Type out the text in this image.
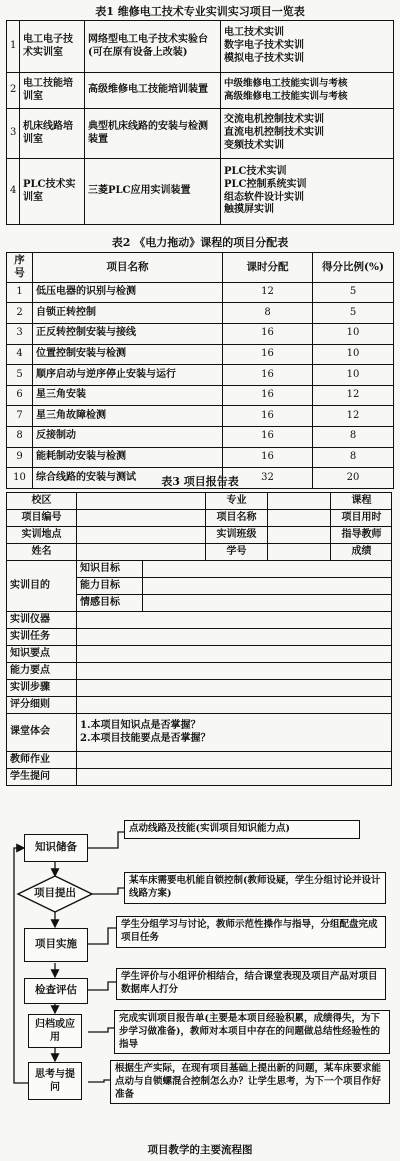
表1 维修电工技术专业实训实习项目一览表
1	电工电子技术实训室	网络型电工电子技术实验台(可在原有设备上改装)	电工技术实训
数字电子技术实训
模拟电子技术实训

2	电工技能培训室	高级维修电工技能培训装置	中级维修电工技能实训与考核
高级维修电工技能实训与考核

3	机床线路培训室	典型机床线路的安装与检测装置	交流电机控制技术实训
直流电机控制技术实训
变频技术实训

4	PLC技术实训室	三菱PLC应用实训装置	PLC技术实训
PLC控制系统实训
组态软件设计实训
触摸屏实训
表2 《电力拖动》课程的项目分配表
序号	项目名称	课时分配	得分比例(%)
1	低压电器的识别与检测	12	5
2	自锁正转控制	8	5
3	正反转控制安装与接线	16	10
4	位置控制安装与检测	16	10
5	顺序启动与逆序停止安装与运行	16	10
6	星三角安装	16	12
7	星三角故障检测	16	12
8	反接制动	16	8
9	能耗制动安装与检测	16	8
10	综合线路的安装与测试	32	20
表3 项目报告表
校区			专业		课程
项目编号			项目名称		项目用时
实训地点			实训班级		指导教师
姓名			学号		成绩
实训目的	知识目标				
	能力目标				
	情感目标				
实训仪器					
实训任务					
知识要点					
能力要点					
实训步骤					
评分细则					
课堂体会	1.本项目知识点是否掌握？
2.本项目技能要点是否掌握？				

教师作业					
学生提问					
知识储备
项目提出
项目实施
检查评估
归档或应用
思考与提问
点动线路及技能(实训项目知识能力点)
某车床需要电机能自锁控制(教师设疑，学生分组讨论并设计线路方案)
学生分组学习与讨论，教师示范性操作与指导，分组配盘完成项目任务
学生评价与小组评价相结合，结合课堂表现及项目产品对项目数据库人打分
完成实训项目报告单(主要是本项目经验积累，成绩得失，为下步学习做准备)，教师对本项目中存在的问题做总结性经验性的指导
根据生产实际，在现有项目基础上提出新的问题，某车床要求能点动与自锁螺混合控制怎么办？让学生思考，为下一个项目作好准备
项目教学的主要流程图
